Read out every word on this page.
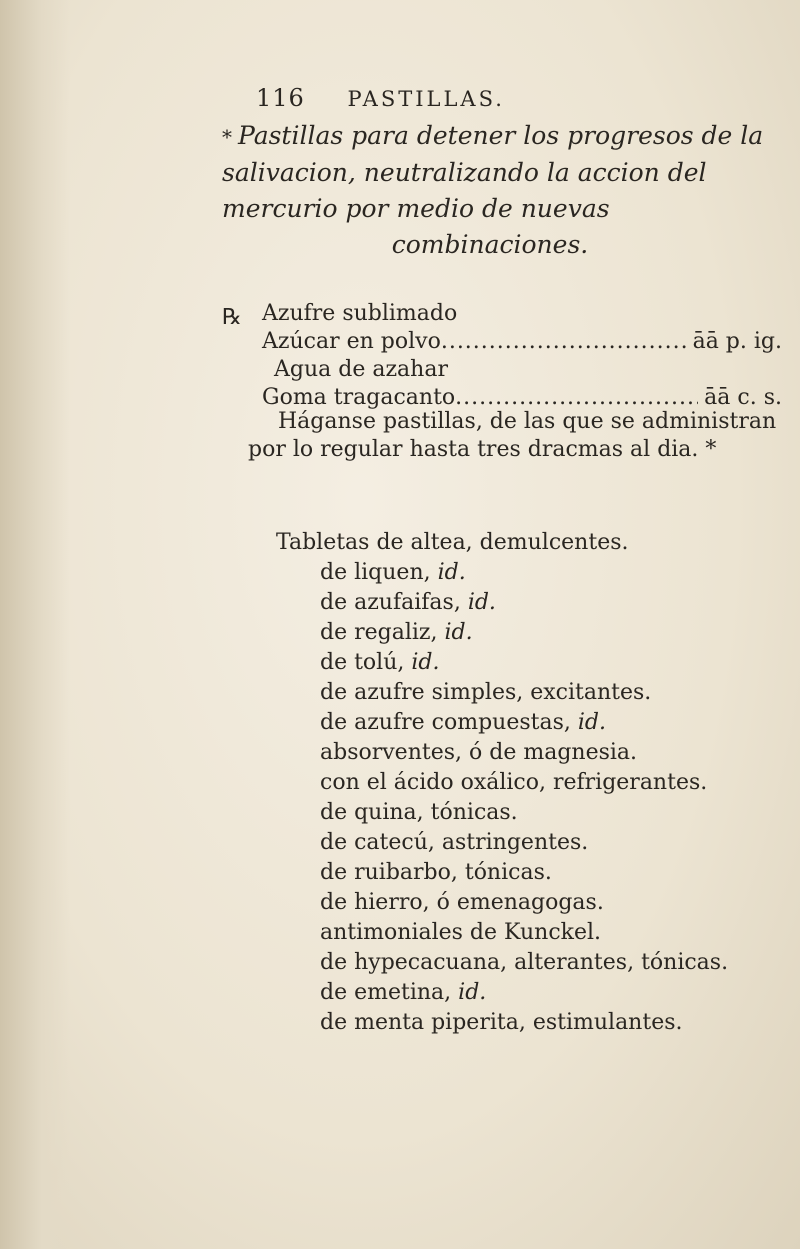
116 PASTILLAS.
* Pastillas para detener los progresos de la salivacion, neutralizando la accion del mercurio por medio de nuevas
combinaciones.
℞ Azufre sublimado
Azúcar en polvo .....	āā p. ig.
Agua de azahar
Goma tragacanto .....	āā c. s.
Háganse pastillas, de las que se administran por lo regular hasta tres dracmas al dia. *
Tabletas de altea, demulcentes.
de liquen, id.
de azufaifas, id.
de regaliz, id.
de tolú, id.
de azufre simples, excitantes.
de azufre compuestas, id.
absorventes, ó de magnesia.
con el ácido oxálico, refrigerantes.
de quina, tónicas.
de catecú, astringentes.
de ruibarbo, tónicas.
de hierro, ó emenagogas.
antimoniales de Kunckel.
de hypecacuana, alterantes, tónicas.
de emetina, id.
de menta piperita, estimulantes.
